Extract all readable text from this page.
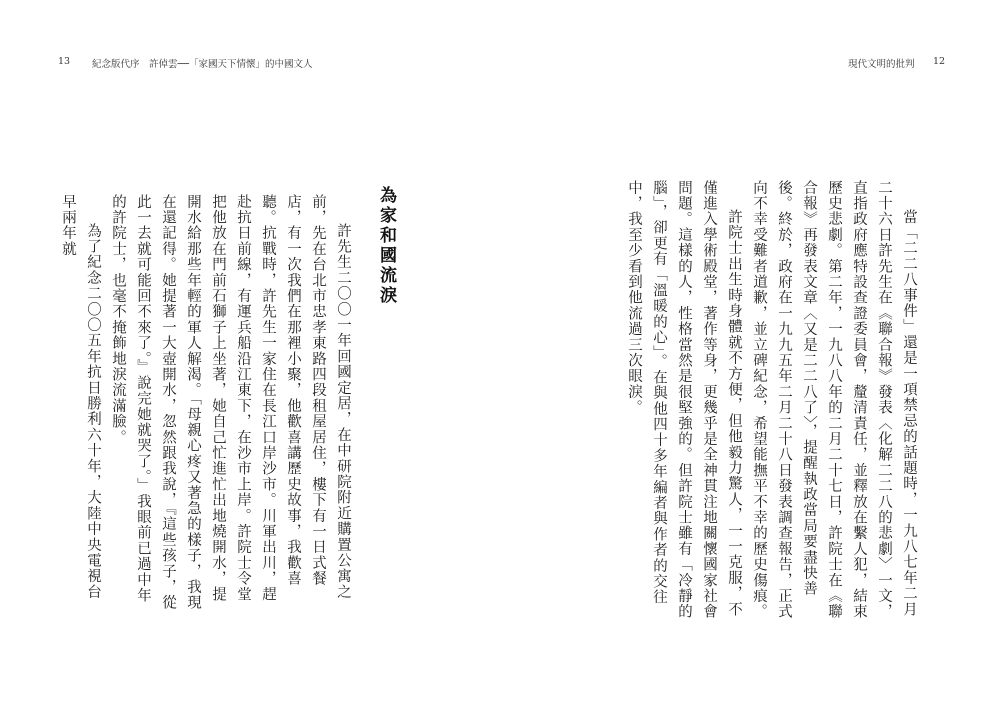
13 紀念版代序　許倬雲──「家國天下情懷」的中國文人	現代文明的批判 12

當「二二八事件」還是一項禁忌的話題時，一九八七年二月二十六日許先生在《聯合報》發表〈化解二二八的悲劇〉一文，直指政府應特設查證委員會，釐清責任，並釋放在繫人犯，結束歷史悲劇。第二年，一九八八年的二月二十七日，許院士在《聯合報》再發表文章〈又是二二八了〉，提醒執政當局要盡快善後。終於，政府在一九九五年二月二十八日發表調查報告，正式向不幸受難者道歉，並立碑紀念，希望能撫平不幸的歷史傷痕。

許院士出生時身體就不方便，但他毅力驚人，一一克服，不僅進入學術殿堂，著作等身，更幾乎是全神貫注地關懷國家社會問題。這樣的人，性格當然是很堅強的。但許院士雖有「冷靜的腦」，卻更有「溫暖的心」。在與他四十多年編者與作者的交往中，我至少看到他流過三次眼淚。

為家和國流淚

許先生二〇〇一年回國定居，在中研院附近購置公寓之前，先在台北市忠孝東路四段租屋居住，樓下有一日式餐店，有一次我們在那裡小聚，他歡喜講歷史故事，我歡喜聽。抗戰時，許先生一家住在長江口岸沙市。川軍出川，趕赴抗日前線，有運兵船沿江東下，在沙市上岸。許院士令堂把他放在門前石獅子上坐著，她自己忙進忙出地燒開水，提開水給那些年輕的軍人解渴。「母親心疼又著急的樣子，我現在還記得。她提著一大壺開水，忽然跟我說，『這些孩子，從此一去就可能回不來了。』說完她就哭了。」我眼前已過中年的許院士，也毫不掩飾地淚流滿臉。

為了紀念二〇〇五年抗日勝利六十年，大陸中央電視台早兩年就
